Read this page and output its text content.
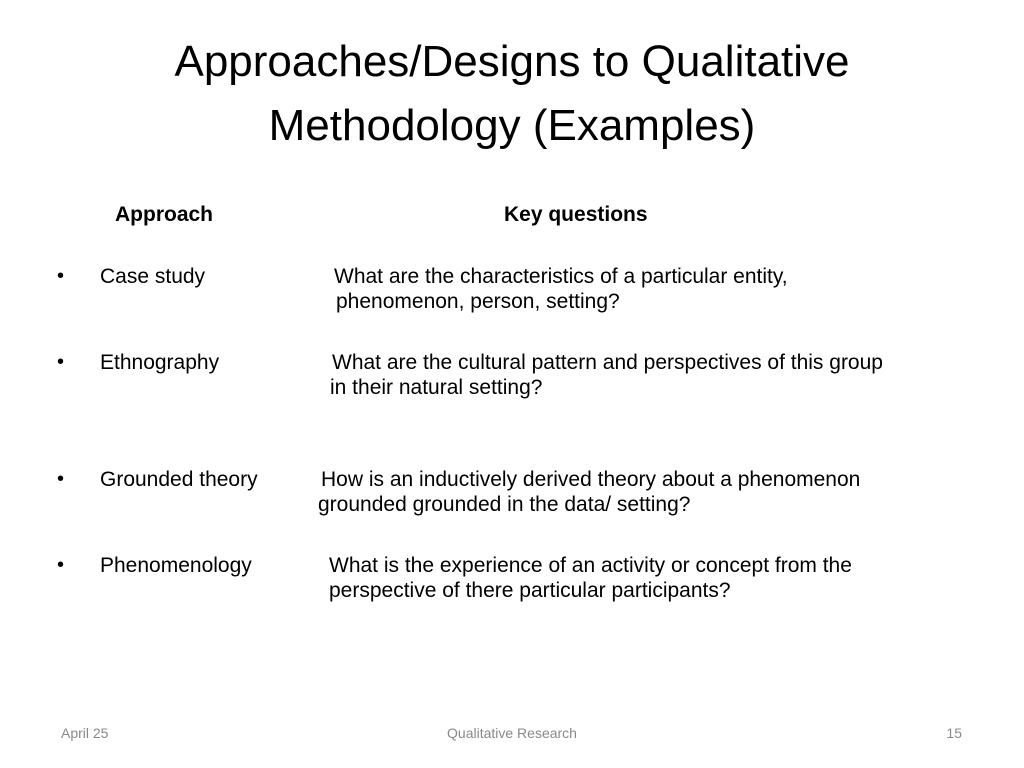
Approaches/Designs to Qualitative
Methodology (Examples)
Approach	Key questions
• Case study	What are the characteristics of a particular entity,
phenomenon, person, setting?
• Ethnography	What are the cultural pattern and perspectives of this group
in their natural setting?
• Grounded theory	How is an inductively derived theory about a phenomenon
grounded grounded in the data/ setting?
• Phenomenology	What is the experience of an activity or concept from the
perspective of there particular participants?
April 25	Qualitative Research	15
